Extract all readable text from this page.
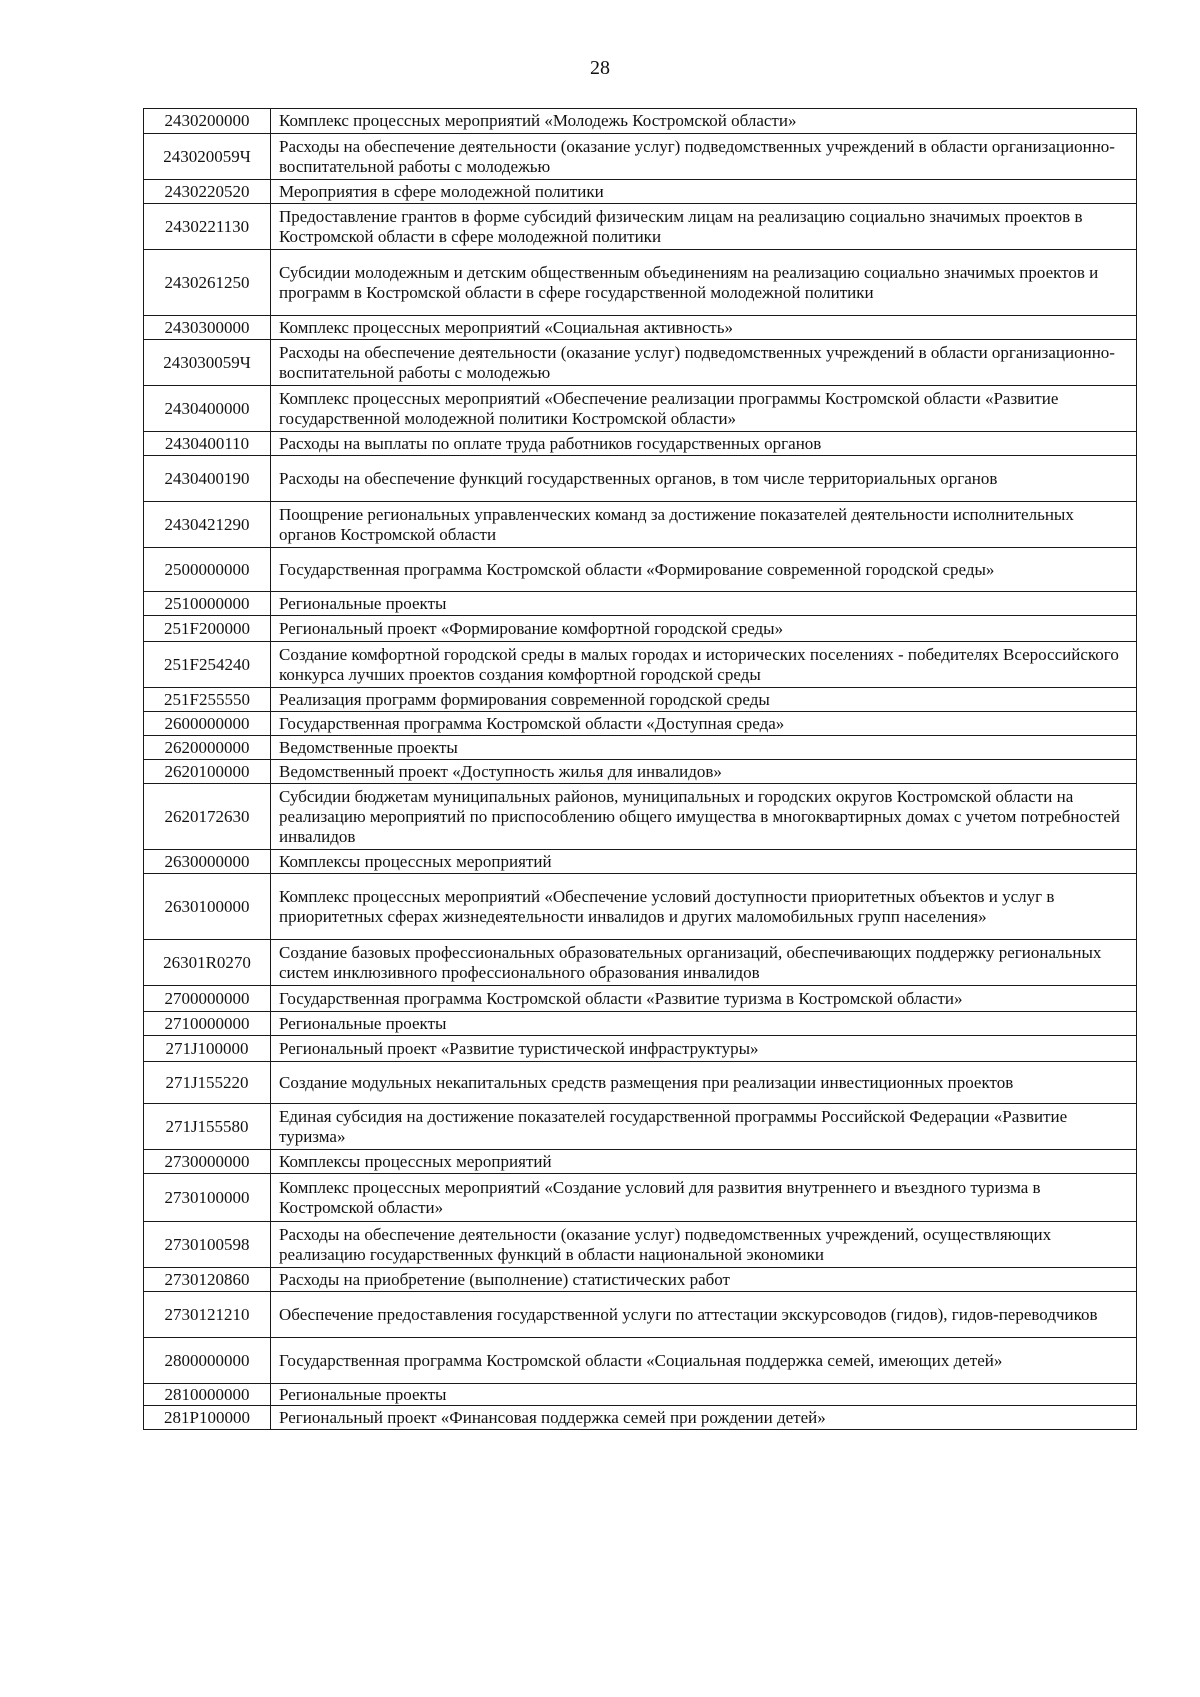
28
2430200000	Комплекс процессных мероприятий «Молодежь Костромской области»
243020059Ч	Расходы на обеспечение деятельности (оказание услуг) подведомственных учреждений в области организационно-воспитательной работы с молодежью
2430220520	Мероприятия в сфере молодежной политики
2430221130	Предоставление грантов в форме субсидий физическим лицам на реализацию социально значимых проектов в Костромской области в сфере молодежной политики
2430261250	Субсидии молодежным и детским общественным объединениям на реализацию социально значимых проектов и программ в Костромской области в сфере государственной молодежной политики
2430300000	Комплекс процессных мероприятий «Социальная активность»
243030059Ч	Расходы на обеспечение деятельности (оказание услуг) подведомственных учреждений в области организационно-воспитательной работы с молодежью
2430400000	Комплекс процессных мероприятий «Обеспечение реализации программы Костромской области «Развитие государственной молодежной политики Костромской области»
2430400110	Расходы на выплаты по оплате труда работников государственных органов
2430400190	Расходы на обеспечение функций государственных органов, в том числе территориальных органов
2430421290	Поощрение региональных управленческих команд за достижение показателей деятельности исполнительных органов Костромской области
2500000000	Государственная программа Костромской области «Формирование современной городской среды»
2510000000	Региональные проекты
251F200000	Региональный проект «Формирование комфортной городской среды»
251F254240	Создание комфортной городской среды в малых городах и исторических поселениях - победителях Всероссийского конкурса лучших проектов создания комфортной городской среды
251F255550	Реализация программ формирования современной городской среды
2600000000	Государственная программа Костромской области «Доступная среда»
2620000000	Ведомственные проекты
2620100000	Ведомственный проект «Доступность жилья для инвалидов»
2620172630	Субсидии бюджетам муниципальных районов, муниципальных и городских округов Костромской области на реализацию мероприятий по приспособлению общего имущества в многоквартирных домах с учетом потребностей инвалидов
2630000000	Комплексы процессных мероприятий
2630100000	Комплекс процессных мероприятий «Обеспечение условий доступности приоритетных объектов и услуг в приоритетных сферах жизнедеятельности инвалидов и других маломобильных групп населения»
26301R0270	Создание базовых профессиональных образовательных организаций, обеспечивающих поддержку региональных систем инклюзивного профессионального образования инвалидов
2700000000	Государственная программа Костромской области «Развитие туризма в Костромской области»
2710000000	Региональные проекты
271J100000	Региональный проект «Развитие туристической инфраструктуры»
271J155220	Создание модульных некапитальных средств размещения при реализации инвестиционных проектов
271J155580	Единая субсидия на достижение показателей государственной программы Российской Федерации «Развитие туризма»
2730000000	Комплексы процессных мероприятий
2730100000	Комплекс процессных мероприятий «Создание условий для развития внутреннего и въездного туризма в Костромской области»
2730100598	Расходы на обеспечение деятельности (оказание услуг) подведомственных учреждений, осуществляющих реализацию государственных функций в области национальной экономики
2730120860	Расходы на приобретение (выполнение) статистических работ
2730121210	Обеспечение предоставления государственной услуги по аттестации экскурсоводов (гидов), гидов-переводчиков
2800000000	Государственная программа Костромской области «Социальная поддержка семей, имеющих детей»
2810000000	Региональные проекты
281P100000	Региональный проект «Финансовая поддержка семей при рождении детей»
